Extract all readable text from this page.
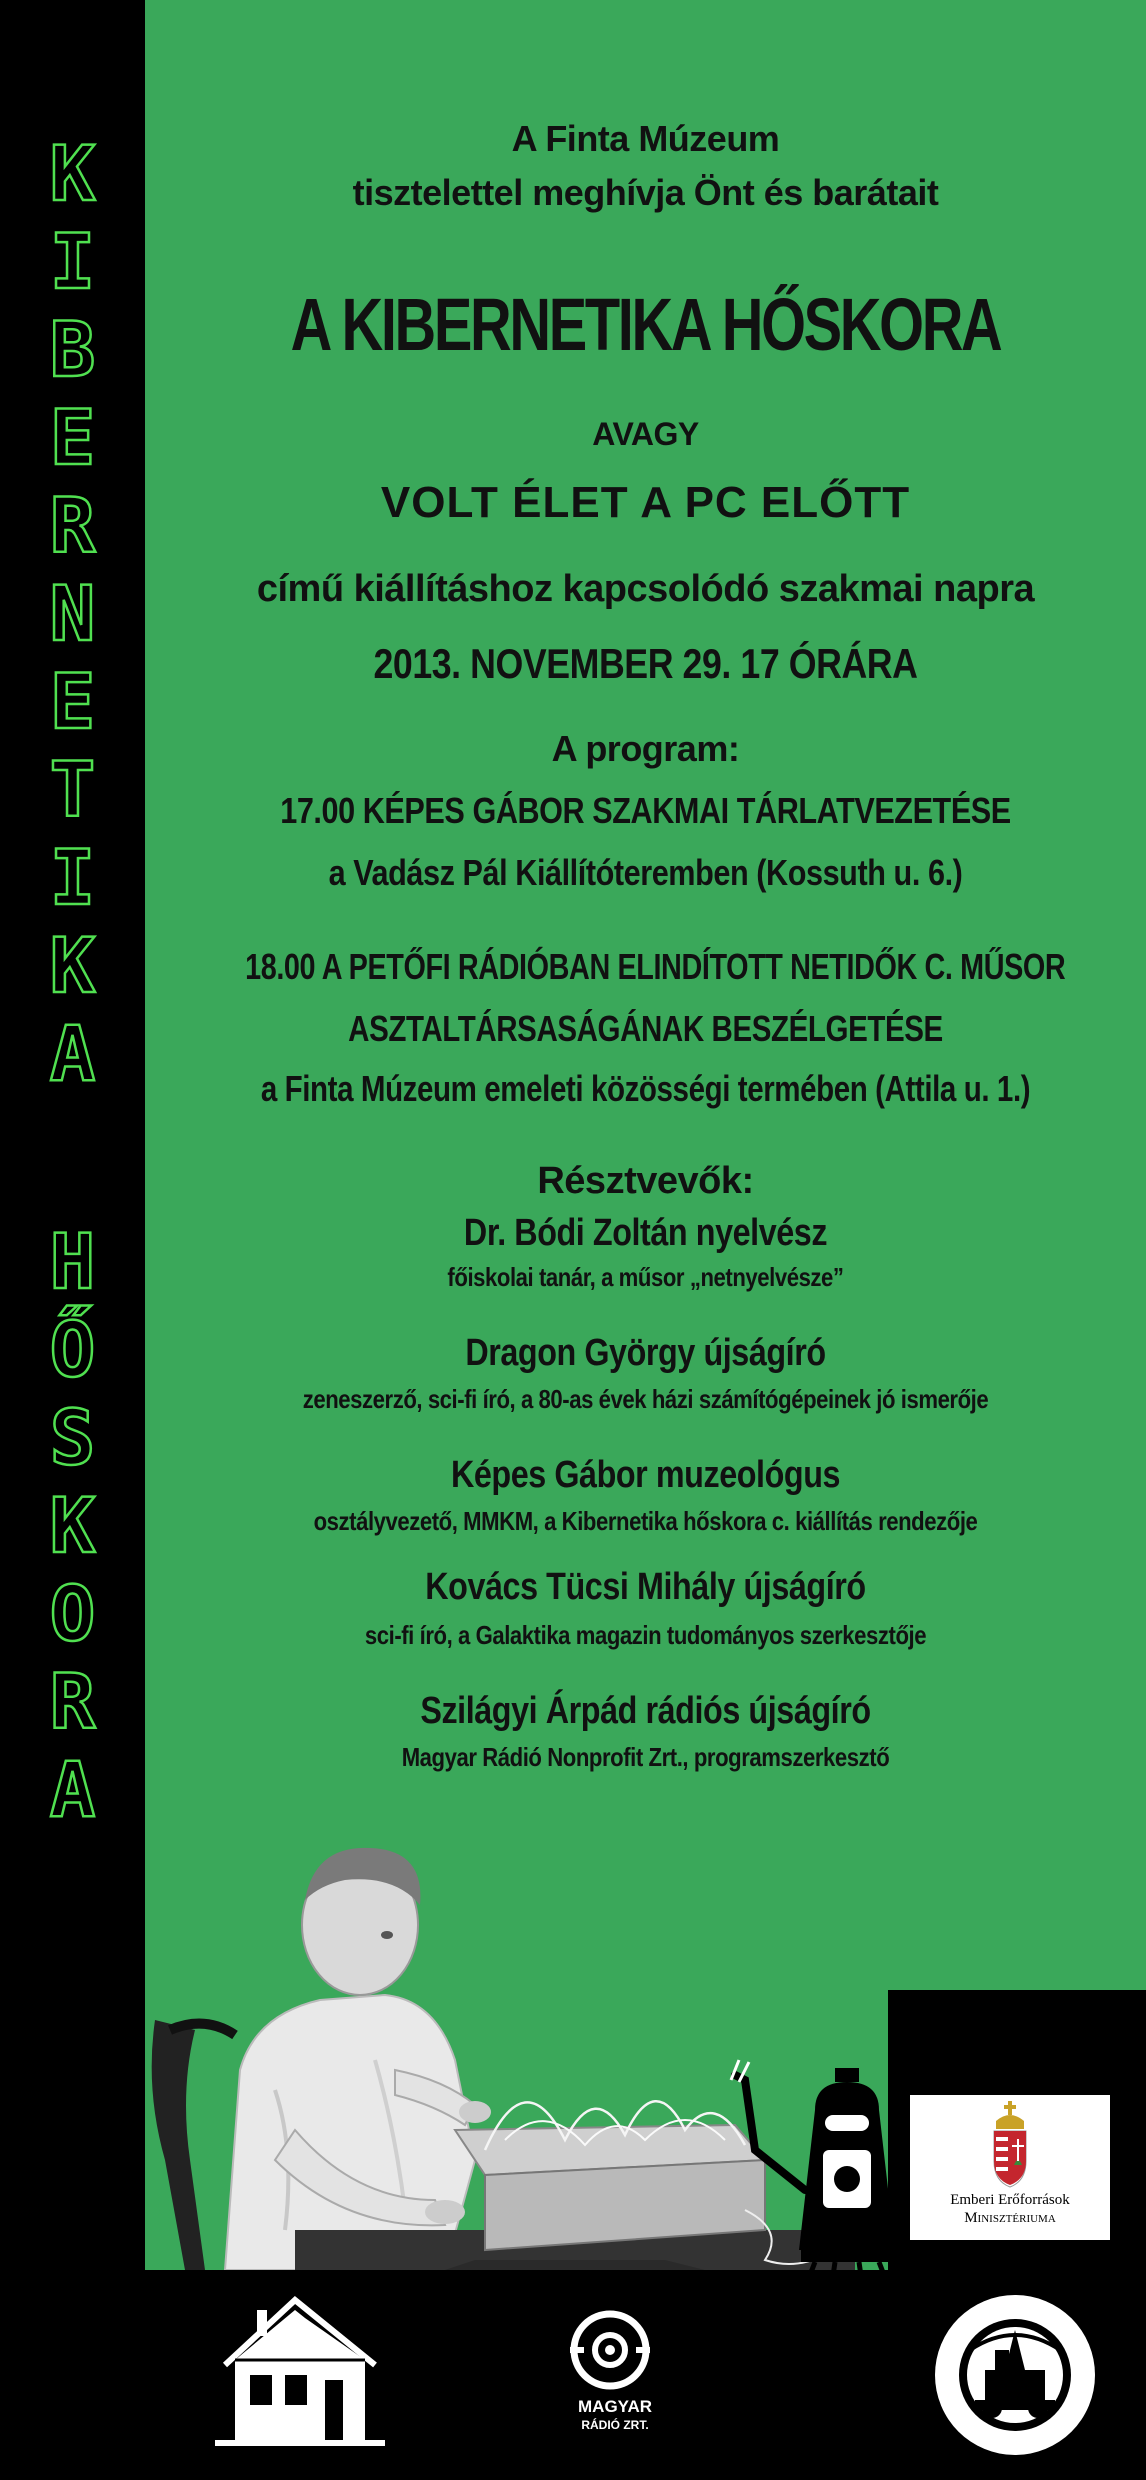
K
I
B
E
R
N
E
T
I
K
A
H
Ő
S
K
O
R
A
A Finta Múzeum
tisztelettel meghívja Önt és barátait
A KIBERNETIKA HŐSKORA
AVAGY
VOLT ÉLET A PC ELŐTT
című kiállításhoz kapcsolódó szakmai napra
2013. NOVEMBER 29. 17 ÓRÁRA
A program:
17.00 KÉPES GÁBOR SZAKMAI TÁRLATVEZETÉSE
a Vadász Pál Kiállítóteremben (Kossuth u. 6.)
18.00 A PETŐFI RÁDIÓBAN ELINDÍTOTT NETIDŐK C. MŰSOR
ASZTALTÁRSASÁGÁNAK BESZÉLGETÉSE
a Finta Múzeum emeleti közösségi termében (Attila u. 1.)
Résztvevők:
Dr. Bódi Zoltán nyelvész
főiskolai tanár, a műsor „netnyelvésze”
Dragon György újságíró
zeneszerző, sci-fi író, a 80-as évek házi számítógépeinek jó ismerője
Képes Gábor muzeológus
osztályvezető, MMKM, a Kibernetika hőskora c. kiállítás rendezője
Kovács Tücsi Mihály újságíró
sci-fi író, a Galaktika magazin tudományos szerkesztője
Szilágyi Árpád rádiós újságíró
Magyar Rádió Nonprofit Zrt., programszerkesztő
Emberi Erőforrások
Minisztériuma
MAGYAR
RÁDIÓ ZRT.
